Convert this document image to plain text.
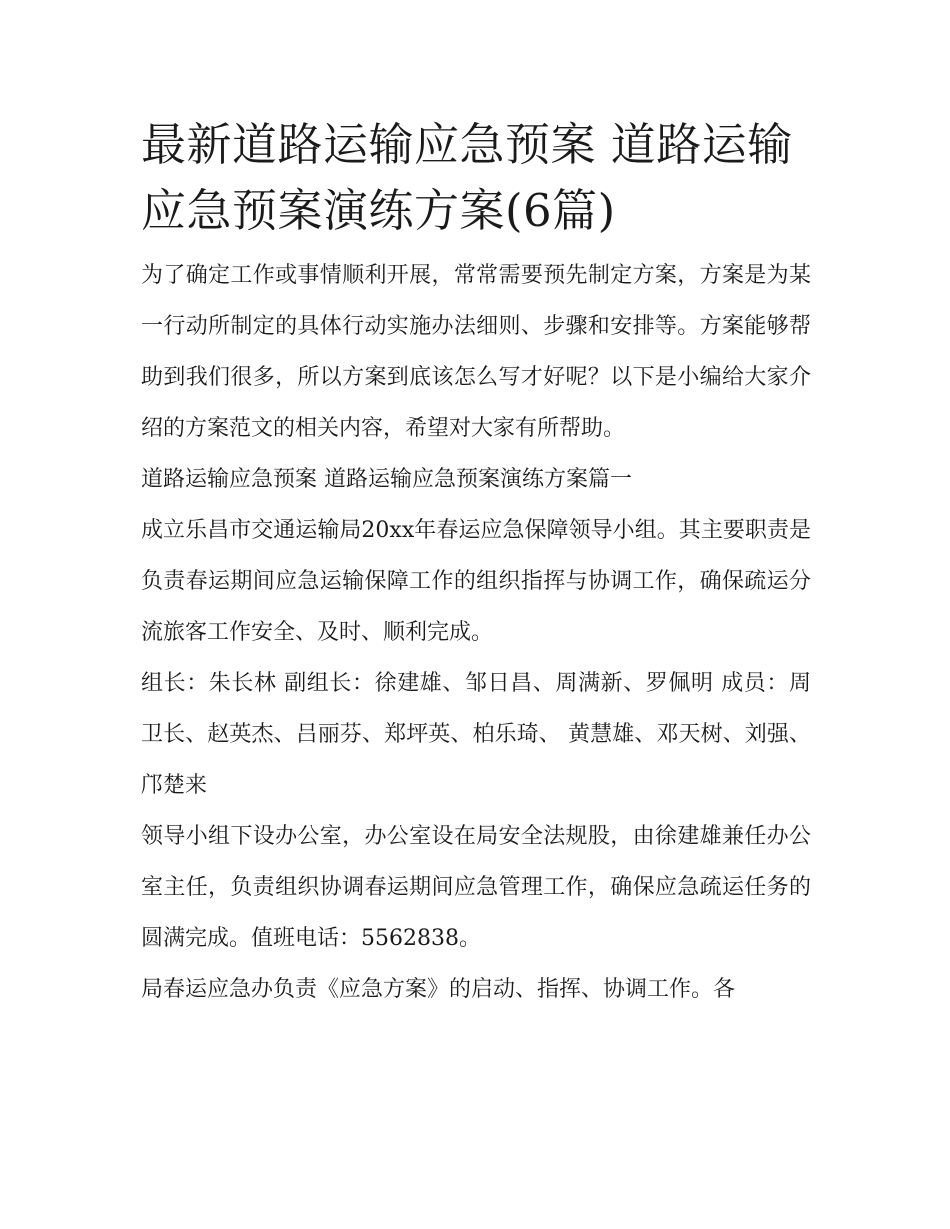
最新道路运输应急预案 道路运输应急预案演练方案(6篇)

为了确定工作或事情顺利开展，常常需要预先制定方案，方案是为某一行动所制定的具体行动实施办法细则、步骤和安排等。方案能够帮助到我们很多，所以方案到底该怎么写才好呢？以下是小编给大家介绍的方案范文的相关内容，希望对大家有所帮助。

道路运输应急预案 道路运输应急预案演练方案篇一

成立乐昌市交通运输局20xx年春运应急保障领导小组。其主要职责是负责春运期间应急运输保障工作的组织指挥与协调工作，确保疏运分流旅客工作安全、及时、顺利完成。

组长：朱长林 副组长：徐建雄、邹日昌、周满新、罗佩明 成员：周卫长、赵英杰、吕丽芬、郑坪英、柏乐琦、 黄慧雄、邓天树、刘强、邝楚来

领导小组下设办公室，办公室设在局安全法规股，由徐建雄兼任办公室主任，负责组织协调春运期间应急管理工作，确保应急疏运任务的圆满完成。值班电话：5562838。

局春运应急办负责《应急方案》的启动、指挥、协调工作。各
